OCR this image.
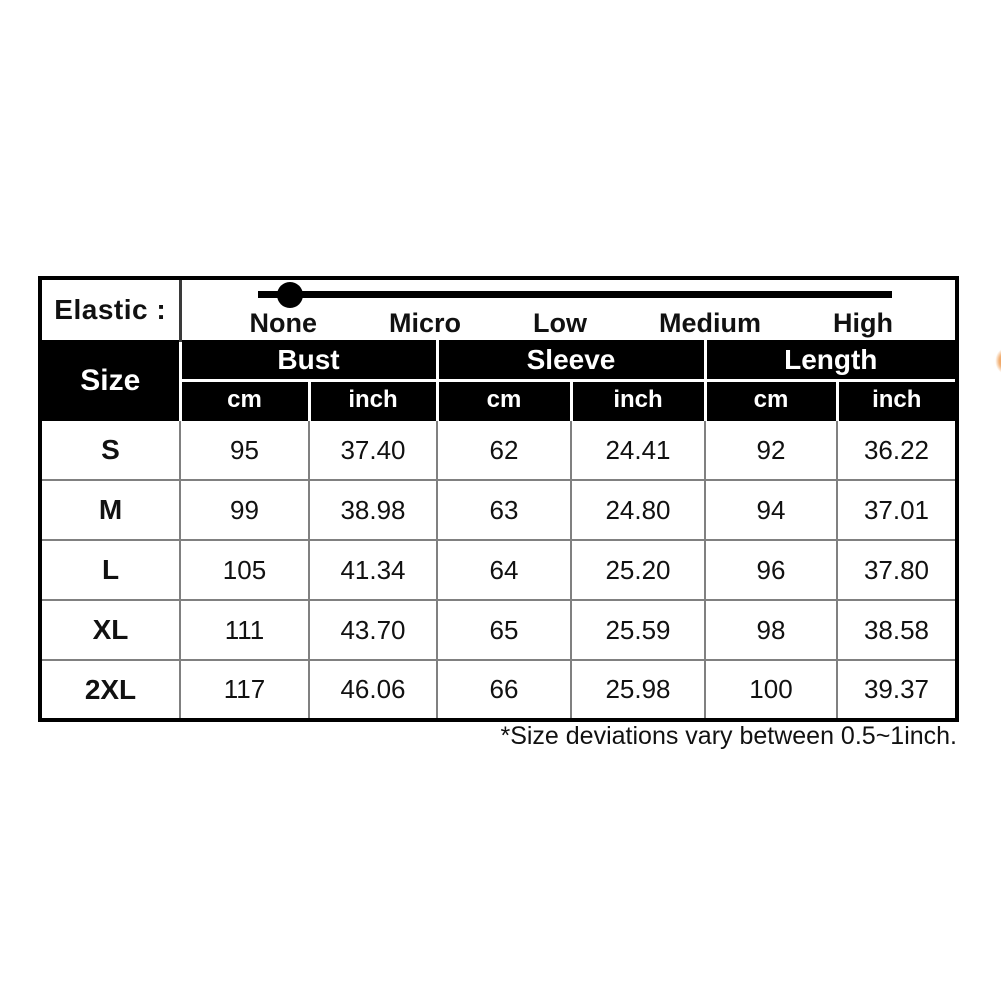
Elastic :	None Micro Low Medium High					

Size	Bust		Sleeve		Length	
	cm	inch	cm	inch	cm	inch
S	95	37.40	62	24.41	92	36.22
M	99	38.98	63	24.80	94	37.01
L	105	41.34	64	25.20	96	37.80
XL	111	43.70	65	25.59	98	38.58
2XL	117	46.06	66	25.98	100	39.37
*Size deviations vary between 0.5~1inch.
